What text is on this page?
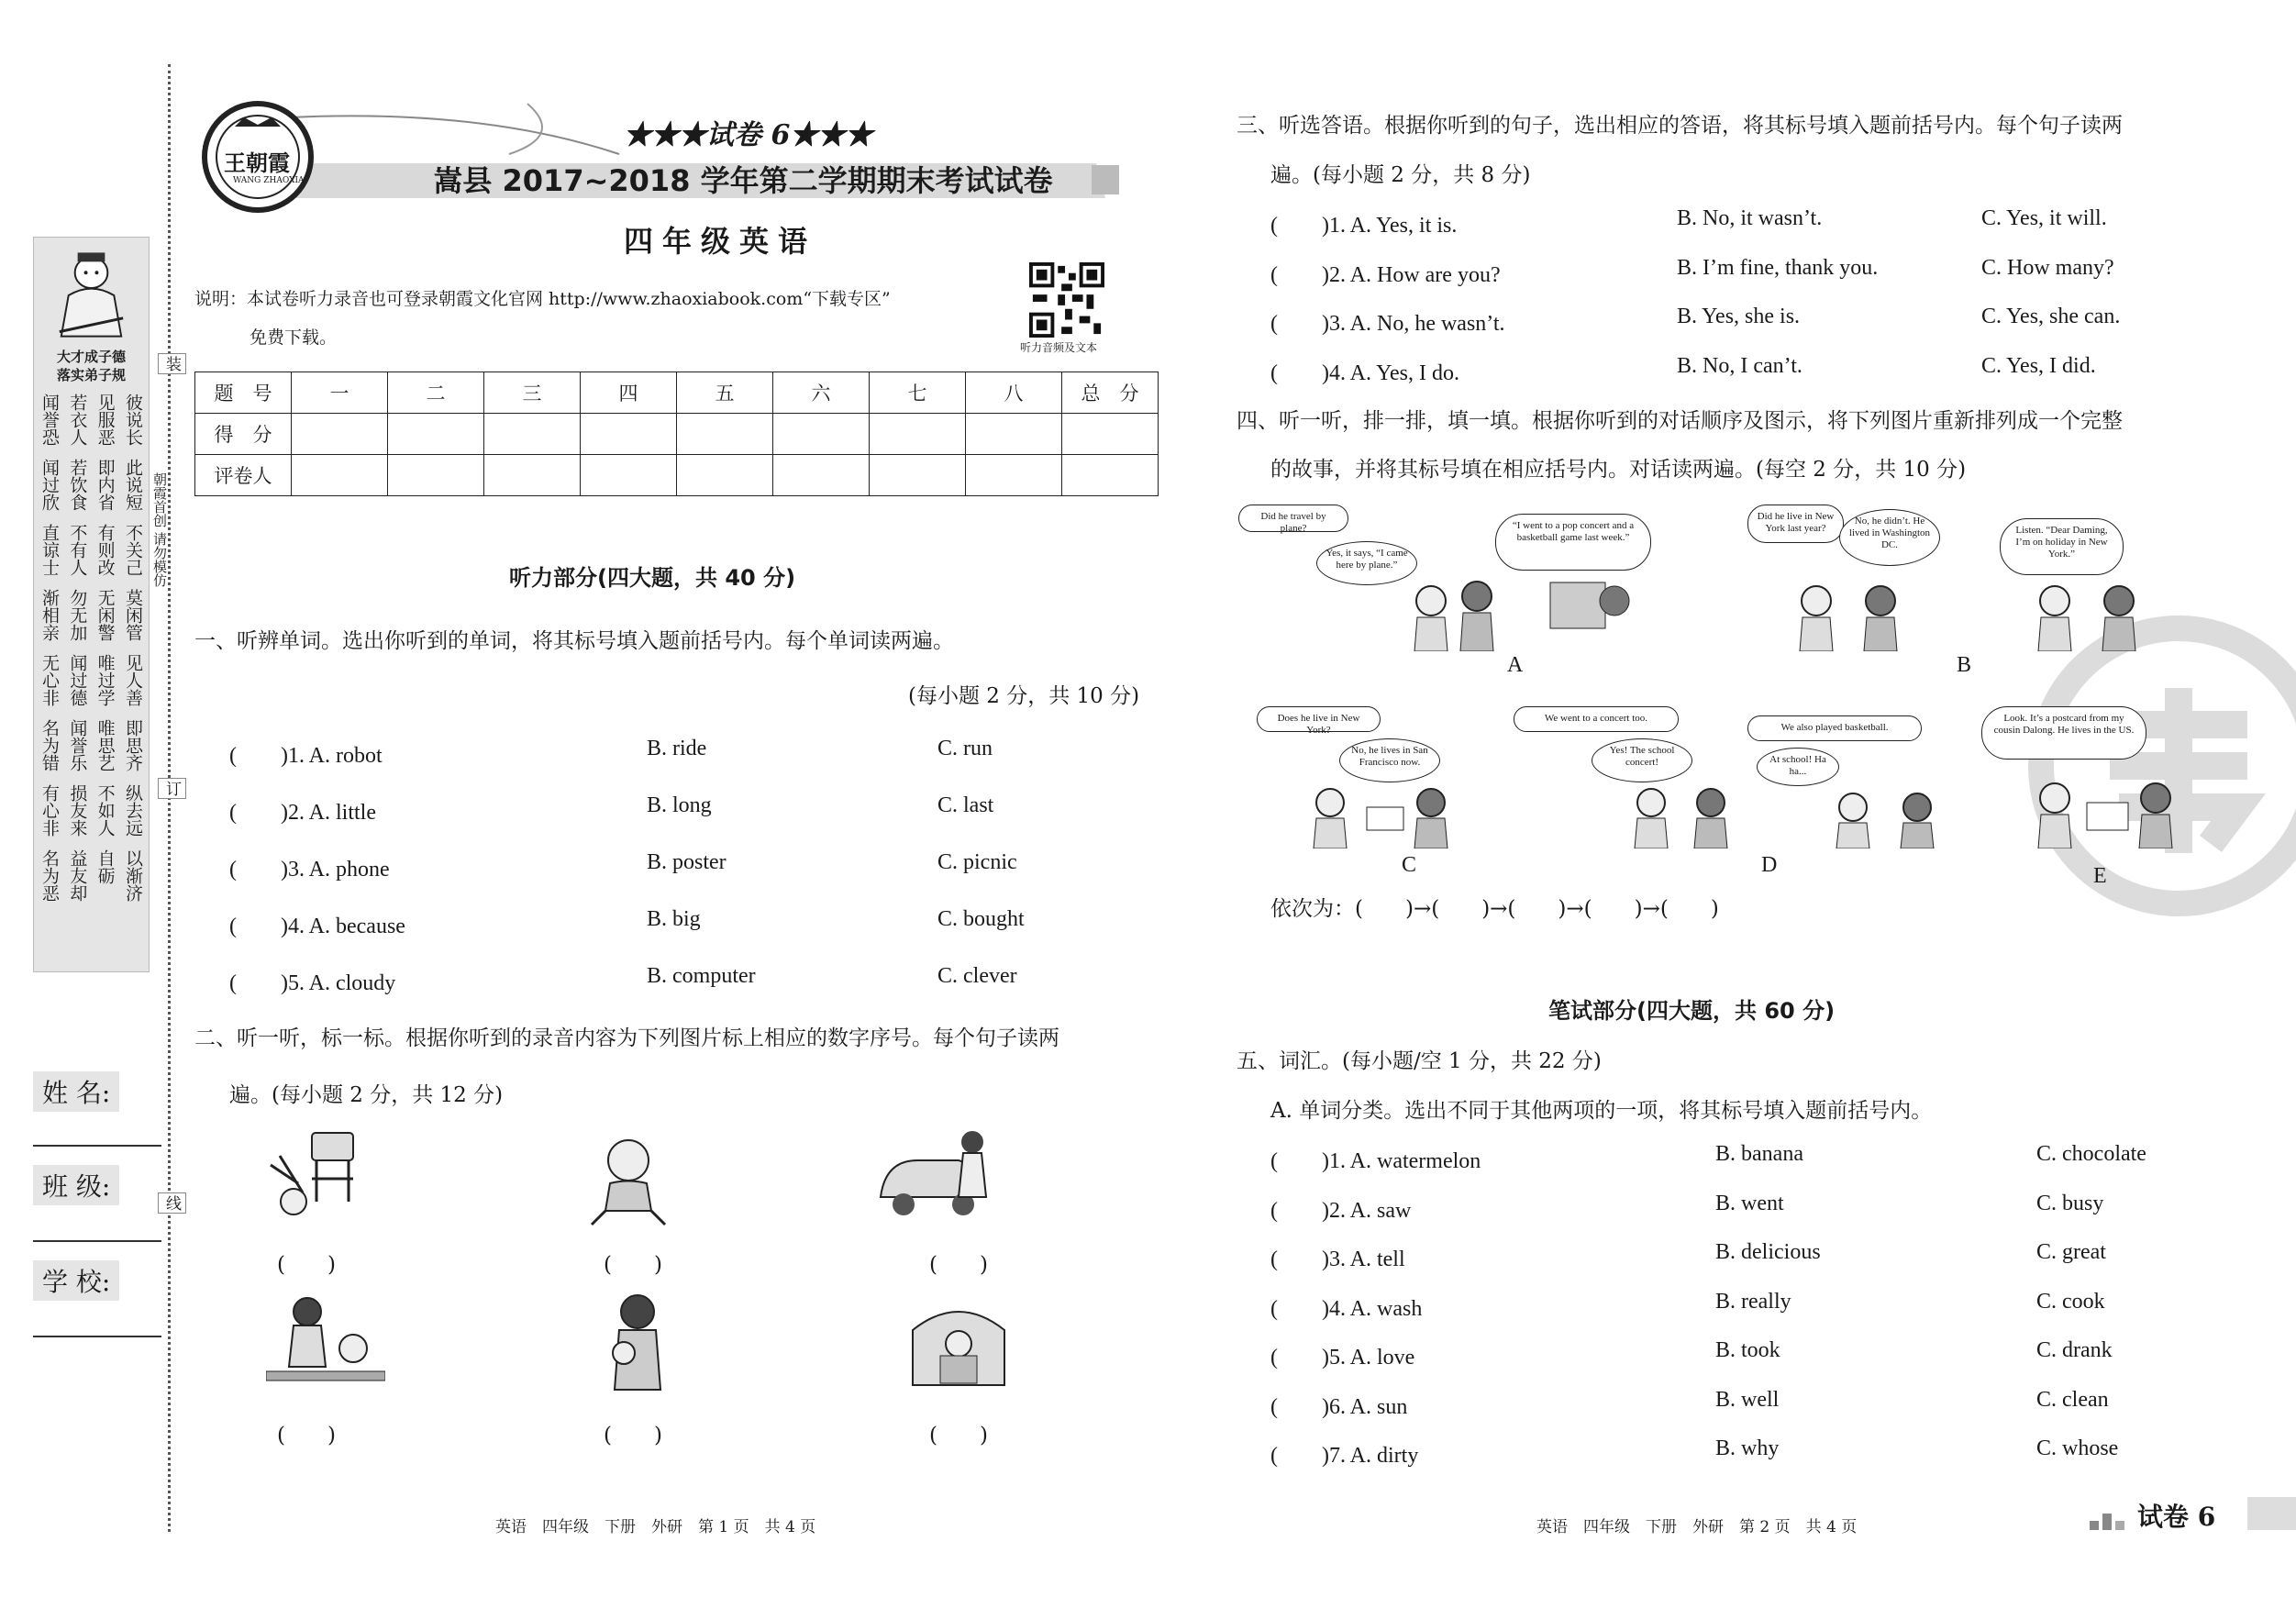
大才成子德
落实弟子规
闻誉恐 若衣人 见服恶 彼说长
闻过欣 若饮食 即内省 此说短
直谅士 不有人 有则改 不关己
渐相亲 勿无加 无闲警 莫闲管
无心非 闻过德 唯过学 见人善
名为错 闻誉乐 唯思艺 即思齐
有心非 损友来 不如人 纵去远
名为恶 益友却 自砺 以渐济
装
朝霞首创 请勿模仿
订
线
姓 名:
班 级:
学 校:
王朝霞
WANG ZHAOXIA
★★★试卷 6★★★
嵩县 2017~2018 学年第二学期期末考试试卷
四年级英语
说明：本试卷听力录音也可登录朝霞文化官网 http://www.zhaoxiabook.com“下载专区”
免费下载。	听力音频及文本
题　号	一	二	三	四	五	六	七	八	总　分
得　分									
评卷人									
听力部分(四大题，共 40 分)
一、听辨单词。选出你听到的单词，将其标号填入题前括号内。每个单词读两遍。
(每小题 2 分，共 10 分)
(　　)1. A. robot	B. ride	C. run
(　　)2. A. little	B. long	C. last
(　　)3. A. phone	B. poster	C. picnic
(　　)4. A. because	B. big	C. bought
(　　)5. A. cloudy	B. computer	C. clever
二、听一听，标一标。根据你听到的录音内容为下列图片标上相应的数字序号。每个句子读两
遍。(每小题 2 分，共 12 分)
(　　)	(　　)	(　　)
(　　)	(　　)	(　　)
英语　四年级　下册　外研　第 1 页　共 4 页
三、听选答语。根据你听到的句子，选出相应的答语，将其标号填入题前括号内。每个句子读两
遍。(每小题 2 分，共 8 分)
(　　)1. A. Yes, it is.	B. No, it wasn’t.	C. Yes, it will.
(　　)2. A. How are you?	B. I’m fine, thank you.	C. How many?
(　　)3. A. No, he wasn’t.	B. Yes, she is.	C. Yes, she can.
(　　)4. A. Yes, I do.	B. No, I can’t.	C. Yes, I did.
四、听一听，排一排，填一填。根据你听到的对话顺序及图示，将下列图片重新排列成一个完整
的故事，并将其标号填在相应括号内。对话读两遍。(每空 2 分，共 10 分)
Did he travel by plane?
Yes, it says, “I came here by plane.”
“I went to a pop concert and a basketball game last week.”
A
Did he live in New York last year?
No, he didn’t. He lived in Washington DC.
Listen. “Dear Daming, I’m on holiday in New York.”
B
Does he live in New York?
No, he lives in San Francisco now.
C
We went to a concert too.
Yes! The school concert!
We also played basketball.
At school! Ha ha...
D
Look. It’s a postcard from my cousin Dalong. He lives in the US.
E
依次为：(　　)→(　　)→(　　)→(　　)→(　　)
笔试部分(四大题，共 60 分)
五、词汇。(每小题/空 1 分，共 22 分)
A. 单词分类。选出不同于其他两项的一项，将其标号填入题前括号内。
(　　)1. A. watermelon	B. banana	C. chocolate
(　　)2. A. saw	B. went	C. busy
(　　)3. A. tell	B. delicious	C. great
(　　)4. A. wash	B. really	C. cook
(　　)5. A. love	B. took	C. drank
(　　)6. A. sun	B. well	C. clean
(　　)7. A. dirty	B. why	C. whose
英语　四年级　下册　外研　第 2 页　共 4 页	试卷 6
